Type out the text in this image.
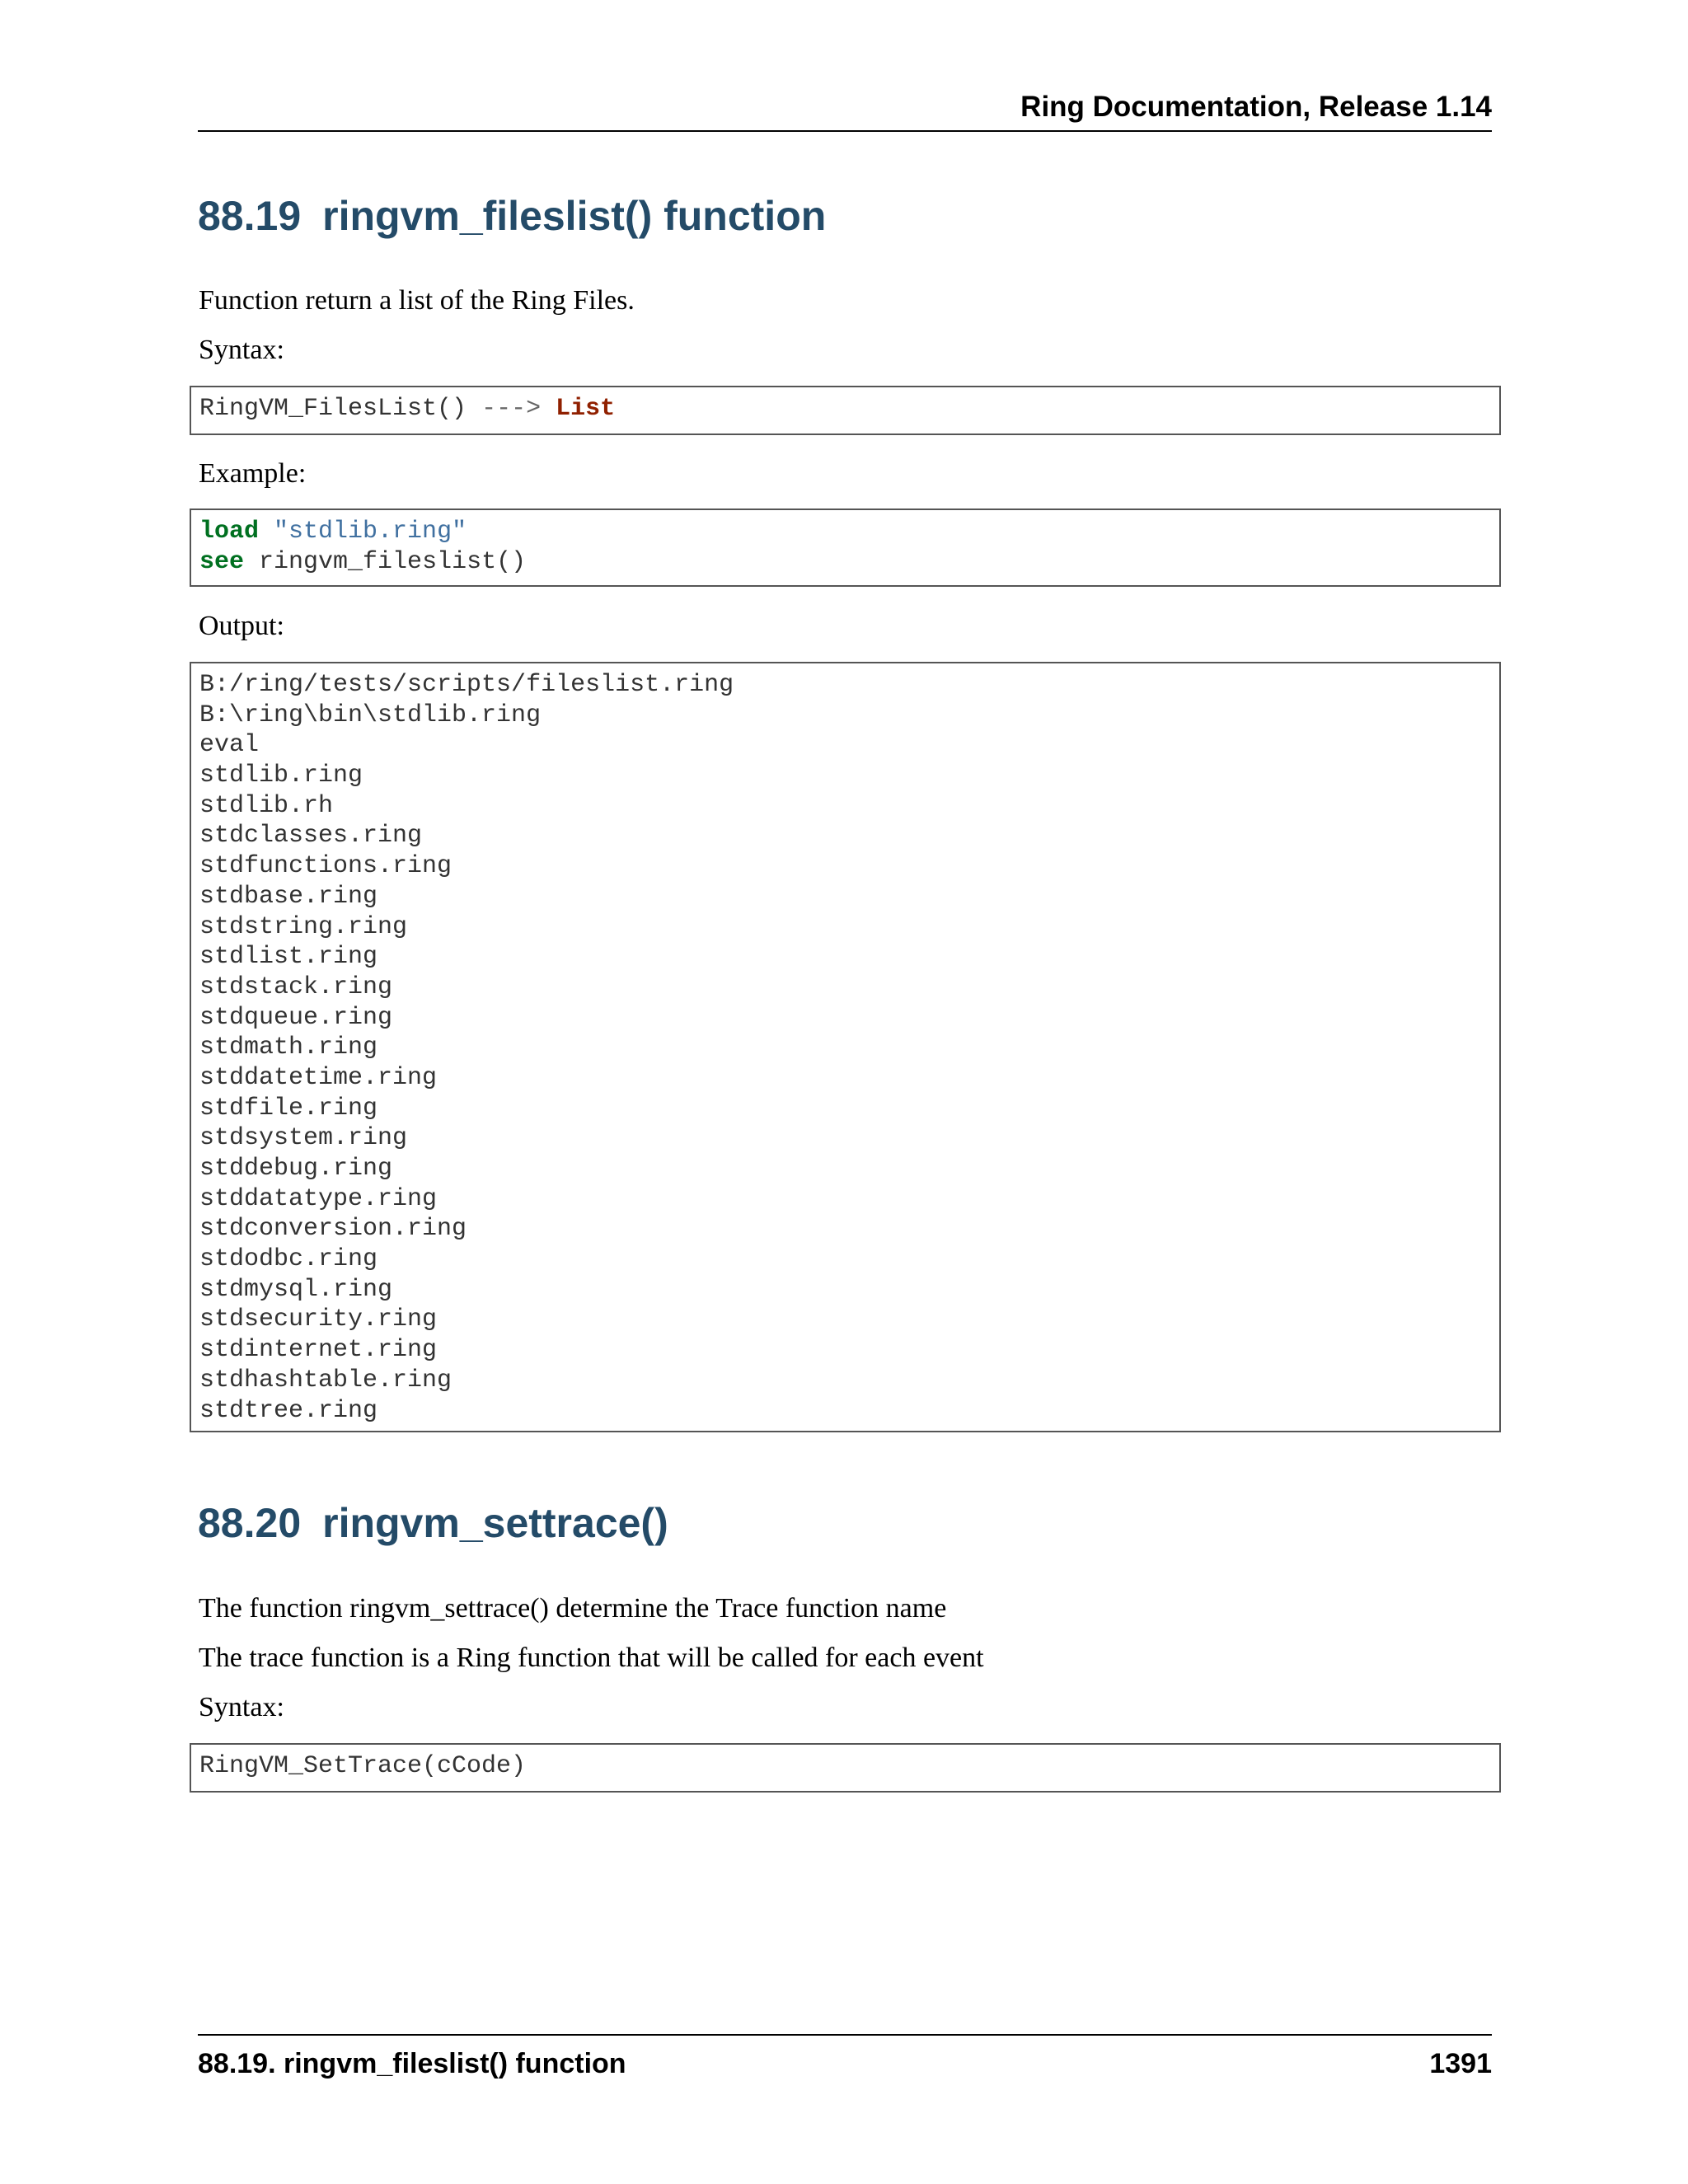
Ring Documentation, Release 1.14
88.19 ringvm_fileslist() function

Function return a list of the Ring Files.

Syntax:

RingVM_FilesList() ---> List

Example:

load "stdlib.ring"
see ringvm_fileslist()

Output:

B:/ring/tests/scripts/fileslist.ring
B:\ring\bin\stdlib.ring
eval
stdlib.ring
stdlib.rh
stdclasses.ring
stdfunctions.ring
stdbase.ring
stdstring.ring
stdlist.ring
stdstack.ring
stdqueue.ring
stdmath.ring
stddatetime.ring
stdfile.ring
stdsystem.ring
stddebug.ring
stddatatype.ring
stdconversion.ring
stdodbc.ring
stdmysql.ring
stdsecurity.ring
stdinternet.ring
stdhashtable.ring
stdtree.ring
88.20 ringvm_settrace()

The function ringvm_settrace() determine the Trace function name

The trace function is a Ring function that will be called for each event

Syntax:

RingVM_SetTrace(cCode)
88.19. ringvm_fileslist() function	1391
